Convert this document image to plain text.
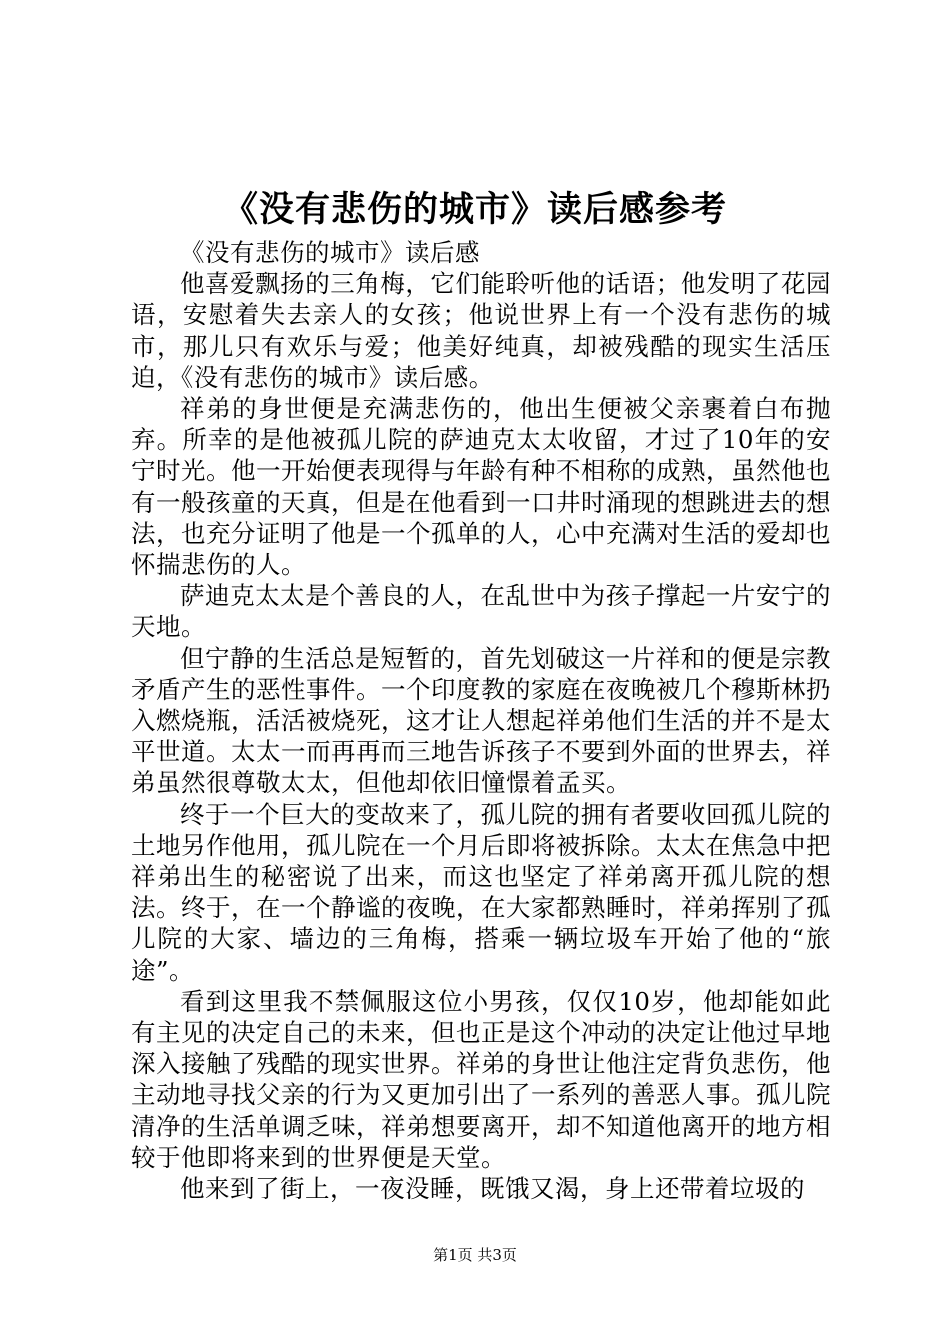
《没有悲伤的城市》读后感参考

《没有悲伤的城市》读后感

他喜爱飘扬的三角梅，它们能聆听他的话语；他发明了花园语，安慰着失去亲人的女孩；他说世界上有一个没有悲伤的城市，那儿只有欢乐与爱；他美好纯真，却被残酷的现实生活压迫，《没有悲伤的城市》读后感。

祥弟的身世便是充满悲伤的，他出生便被父亲裹着白布抛弃。所幸的是他被孤儿院的萨迪克太太收留，才过了10年的安宁时光。他一开始便表现得与年龄有种不相称的成熟，虽然他也有一般孩童的天真，但是在他看到一口井时涌现的想跳进去的想法，也充分证明了他是一个孤单的人，心中充满对生活的爱却也怀揣悲伤的人。

萨迪克太太是个善良的人，在乱世中为孩子撑起一片安宁的天地。

但宁静的生活总是短暂的，首先划破这一片祥和的便是宗教矛盾产生的恶性事件。一个印度教的家庭在夜晚被几个穆斯林扔入燃烧瓶，活活被烧死，这才让人想起祥弟他们生活的并不是太平世道。太太一而再再而三地告诉孩子不要到外面的世界去，祥弟虽然很尊敬太太，但他却依旧憧憬着孟买。

终于一个巨大的变故来了，孤儿院的拥有者要收回孤儿院的土地另作他用，孤儿院在一个月后即将被拆除。太太在焦急中把祥弟出生的秘密说了出来，而这也坚定了祥弟离开孤儿院的想法。终于，在一个静谧的夜晚，在大家都熟睡时，祥弟挥别了孤儿院的大家、墙边的三角梅，搭乘一辆垃圾车开始了他的“旅途”。

看到这里我不禁佩服这位小男孩，仅仅10岁，他却能如此有主见的决定自己的未来，但也正是这个冲动的决定让他过早地深入接触了残酷的现实世界。祥弟的身世让他注定背负悲伤，他主动地寻找父亲的行为又更加引出了一系列的善恶人事。孤儿院清净的生活单调乏味，祥弟想要离开，却不知道他离开的地方相较于他即将来到的世界便是天堂。

他来到了街上，一夜没睡，既饿又渴，身上还带着垃圾的

第1页 共3页
